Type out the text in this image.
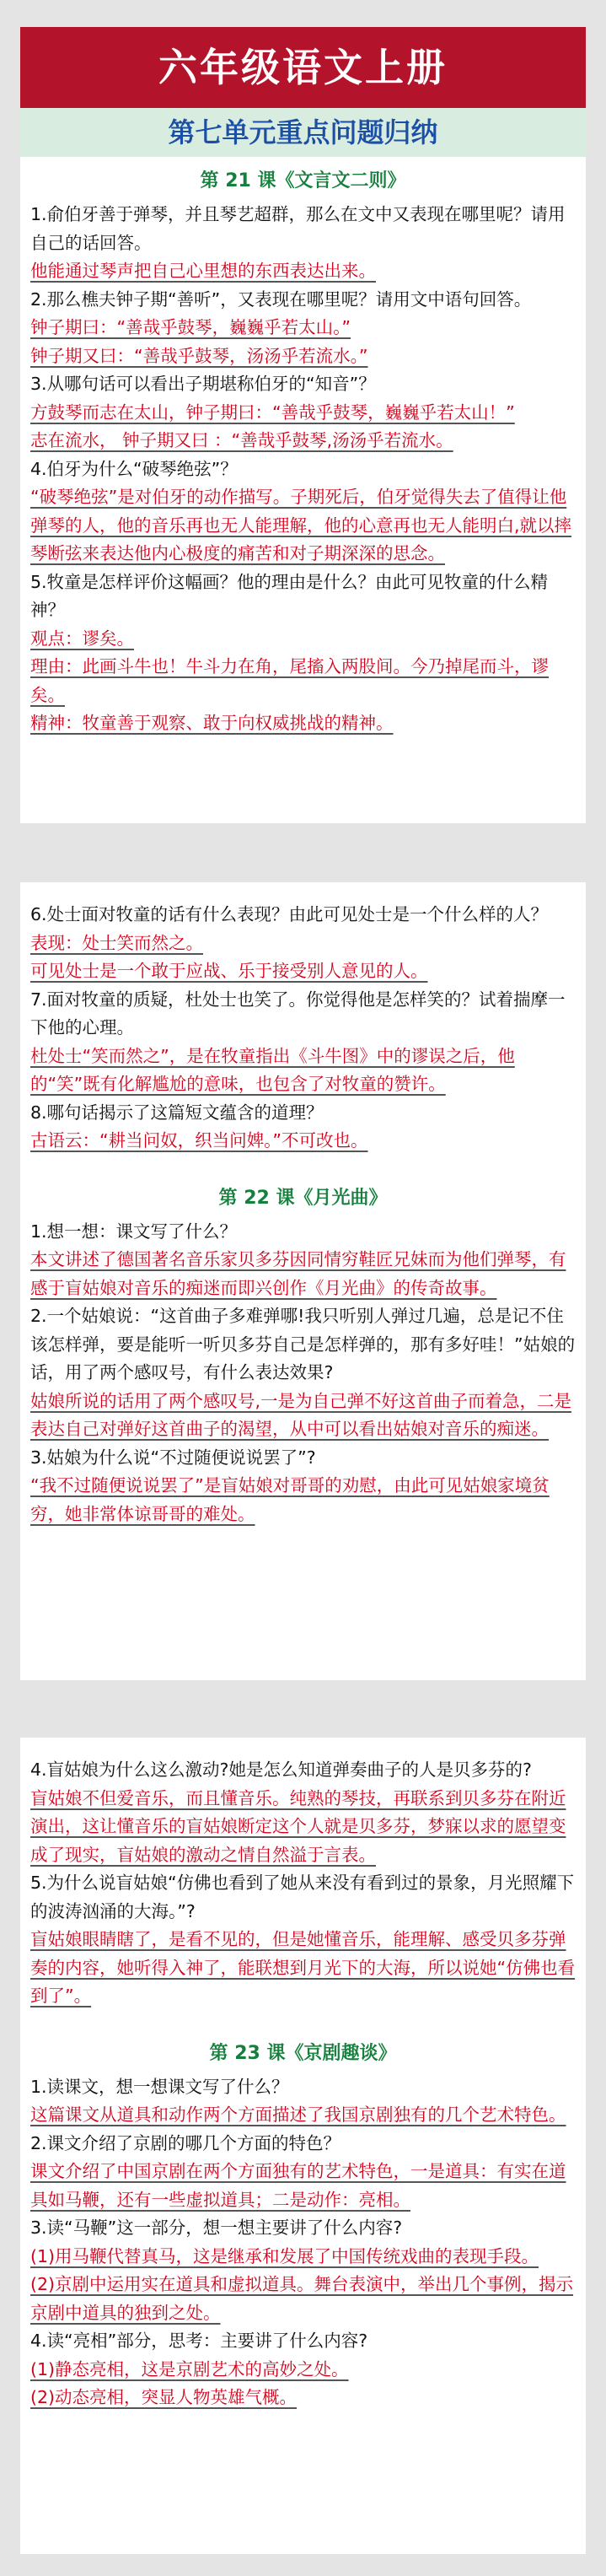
六年级语文上册
第七单元重点问题归纳
第 21 课《文言文二则》

1.俞伯牙善于弹琴，并且琴艺超群，那么在文中又表现在哪里呢？请用自己的话回答。

他能通过琴声把自己心里想的东西表达出来。

2.那么樵夫钟子期“善听”，又表现在哪里呢？请用文中语句回答。

钟子期曰：“善哉乎鼓琴，巍巍乎若太山。”

钟子期又曰：“善哉乎鼓琴，汤汤乎若流水。”

3.从哪句话可以看出子期堪称伯牙的“知音”？

方鼓琴而志在太山，钟子期曰：“善哉乎鼓琴，巍巍乎若太山！”

志在流水， 钟子期又曰 ：“善哉乎鼓琴,汤汤乎若流水。

4.伯牙为什么“破琴绝弦”？

“破琴绝弦”是对伯牙的动作描写。子期死后，伯牙觉得失去了值得让他弹琴的人，他的音乐再也无人能理解，他的心意再也无人能明白,就以摔琴断弦来表达他内心极度的痛苦和对子期深深的思念。

5.牧童是怎样评价这幅画？他的理由是什么？由此可见牧童的什么精神？

观点：谬矣。

理由：此画斗牛也！牛斗力在角，尾搐入两股间。今乃掉尾而斗，谬矣。

精神：牧童善于观察、敢于向权威挑战的精神。

6.处士面对牧童的话有什么表现？由此可见处士是一个什么样的人？

表现：处士笑而然之。

可见处士是一个敢于应战、乐于接受别人意见的人。

7.面对牧童的质疑，杜处士也笑了。你觉得他是怎样笑的？试着揣摩一下他的心理。

杜处士“笑而然之”，是在牧童指出《斗牛图》中的谬误之后，他的“笑”既有化解尴尬的意味，也包含了对牧童的赞许。

8.哪句话揭示了这篇短文蕴含的道理？

古语云：“耕当问奴，织当问婢。”不可改也。

第 22 课《月光曲》

1.想一想：课文写了什么？

本文讲述了德国著名音乐家贝多芬因同情穷鞋匠兄妹而为他们弹琴，有感于盲姑娘对音乐的痴迷而即兴创作《月光曲》的传奇故事。

2.一个姑娘说：“这首曲子多难弹哪!我只听别人弹过几遍，总是记不住该怎样弹，要是能听一听贝多芬自己是怎样弹的，那有多好哇！”姑娘的话，用了两个感叹号，有什么表达效果?

姑娘所说的话用了两个感叹号,一是为自己弹不好这首曲子而着急，二是表达自己对弹好这首曲子的渴望，从中可以看出姑娘对音乐的痴迷。

3.姑娘为什么说“不过随便说说罢了”?

“我不过随便说说罢了”是盲姑娘对哥哥的劝慰，由此可见姑娘家境贫穷，她非常体谅哥哥的难处。

4.盲姑娘为什么这么激动?她是怎么知道弹奏曲子的人是贝多芬的?

盲姑娘不但爱音乐，而且懂音乐。纯熟的琴技，再联系到贝多芬在附近演出，这让懂音乐的盲姑娘断定这个人就是贝多芬，梦寐以求的愿望变成了现实，盲姑娘的激动之情自然溢于言表。

5.为什么说盲姑娘“仿佛也看到了她从来没有看到过的景象，月光照耀下的波涛汹涌的大海。”?

盲姑娘眼睛瞎了，是看不见的，但是她懂音乐，能理解、感受贝多芬弹奏的内容，她听得入神了，能联想到月光下的大海，所以说她“仿佛也看到了”。

第 23 课《京剧趣谈》

1.读课文，想一想课文写了什么？

这篇课文从道具和动作两个方面描述了我国京剧独有的几个艺术特色。

2.课文介绍了京剧的哪几个方面的特色？

课文介绍了中国京剧在两个方面独有的艺术特色，一是道具：有实在道具如马鞭，还有一些虚拟道具；二是动作：亮相。

3.读“马鞭”这一部分，想一想主要讲了什么内容?

(1)用马鞭代替真马，这是继承和发展了中国传统戏曲的表现手段。

(2)京剧中运用实在道具和虚拟道具。舞台表演中，举出几个事例，揭示京剧中道具的独到之处。

4.读“亮相”部分，思考：主要讲了什么内容?

(1)静态亮相，这是京剧艺术的高妙之处。

(2)动态亮相，突显人物英雄气概。
